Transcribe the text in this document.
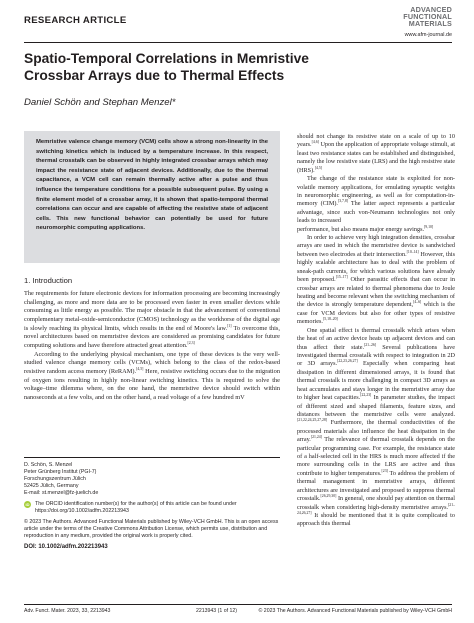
RESEARCH ARTICLE
ADVANCED
FUNCTIONAL
MATERIALS
www.afm-journal.de
Spatio-Temporal Correlations in Memristive Crossbar Arrays due to Thermal Effects
Daniel Schön and Stephan Menzel*
Memristive valence change memory (VCM) cells show a strong non-linearity in the switching kinetics which is induced by a temperature increase. In this respect, thermal crosstalk can be observed in highly integrated crossbar arrays which may impact the resistance state of adjacent devices. Additionally, due to the thermal capacitance, a VCM cell can remain thermally active after a pulse and thus influence the temperature conditions for a possible subsequent pulse. By using a finite element model of a crossbar array, it is shown that spatio-temporal thermal correlations can occur and are capable of affecting the resistive state of adjacent cells. This new functional behavior can potentially be used for future neuromorphic computing applications.
1. Introduction

The requirements for future electronic devices for information processing are becoming increasingly challenging, as more and more data are to be processed even faster in even smaller devices while consuming as little energy as possible. The major obstacle in that the advancement of conventional complementary metal-oxide-semiconductor (CMOS) technology as the workhorse of the digital age is slowly reaching its physical limits, which results in the end of Moore's law.[1] To overcome this, novel architectures based on memristive devices are considered as promising candidates for future computing solutions and have therefore attracted great attention.[2,3]

According to the underlying physical mechanism, one type of these devices is the very well-studied valence change memory cells (VCMs), which belong to the class of the redox-based resistive random access memory (ReRAM).[4,5] Here, resistive switching occurs due to the migration of oxygen ions resulting in highly non-linear switching kinetics. This is required to solve the voltage–time dilemma where, on the one hand, the memristive device should switch within nanoseconds at a few volts, and on the other hand, a read voltage of a few hundred mV

D. Schön, S. Menzel
Peter Grünberg Institut (PGI-7)
Forschungszentrum Jülich
52425 Jülich, Germany
E-mail: st.menzel@fz-juelich.de
iD The ORCID identification number(s) for the author(s) of this article can be found under https://doi.org/10.1002/adfm.202213943
© 2023 The Authors. Advanced Functional Materials published by Wiley-VCH GmbH. This is an open access article under the terms of the Creative Commons Attribution License, which permits use, distribution and reproduction in any medium, provided the original work is properly cited.
DOI: 10.1002/adfm.202213943

should not change its resistive state on a scale of up to 10 years.[4,6] Upon the application of appropriate voltage stimuli, at least two resistance states can be established and distinguished, namely the low resistive state (LRS) and the high resistive state (HRS).[4,5]

The change of the resistance state is exploited for non-volatile memory applications, for emulating synaptic weights in neuromorphic engineering, as well as for computation-in-memory (CIM).[3,7,8] The latter aspect represents a particular advantage, since such von-Neumann technologies not only leads to increased

performance, but also means major energy savings.[9,10]

In order to achieve very high integration densities, crossbar arrays are used in which the memristive device is sandwiched between two electrodes at their intersection.[10–14] However, this highly scalable architecture has to deal with the problem of sneak-path currents, for which various solutions have already been proposed.[15–17] Other parasitic effects that can occur in crossbar arrays are related to thermal phenomena due to Joule heating and become relevant when the switching mechanism of the device is strongly temperature dependent,[4–6] which is the case for VCM devices but also for other types of resistive memories.[5,18–20]

One spatial effect is thermal crosstalk which arises when the heat of an active device heats up adjacent devices and can thus affect their state.[21–26] Several publications have investigated thermal crosstalk with respect to integration in 2D or 3D arrays.[22,23,26,27] Especially when comparing heat dissipation in different dimensioned arrays, it is found that thermal crosstalk is more challenging in compact 3D arrays as heat accumulates and stays longer in the memristive array due to higher heat capacities.[22,23] In parameter studies, the impact of different sized and shaped filaments, feature sizes, and distances between the memristive cells were analyzed.[21,22,24,25,27,28] Furthermore, the thermal conductivities of the processed materials also influence the heat dissipation in the array.[21,24] The relevance of thermal crosstalk depends on the particular programming case. For example, the resistance state of a half-selected cell in the HRS is much more affected if the more surrounding cells in the LRS are active and thus contribute to higher temperatures.[23] To address the problem of thermal management in memristive arrays, different architectures are investigated and proposed to suppress thermal crosstalk.[26,29,30] In general, one should pay attention on thermal crosstalk when considering high-density memristive arrays.[21–24,26,27] It should be mentioned that it is quite complicated to approach this thermal

Adv. Funct. Mater. 2023, 33, 2213943	2213943 (1 of 12)	© 2023 The Authors. Advanced Functional Materials published by Wiley-VCH GmbH
